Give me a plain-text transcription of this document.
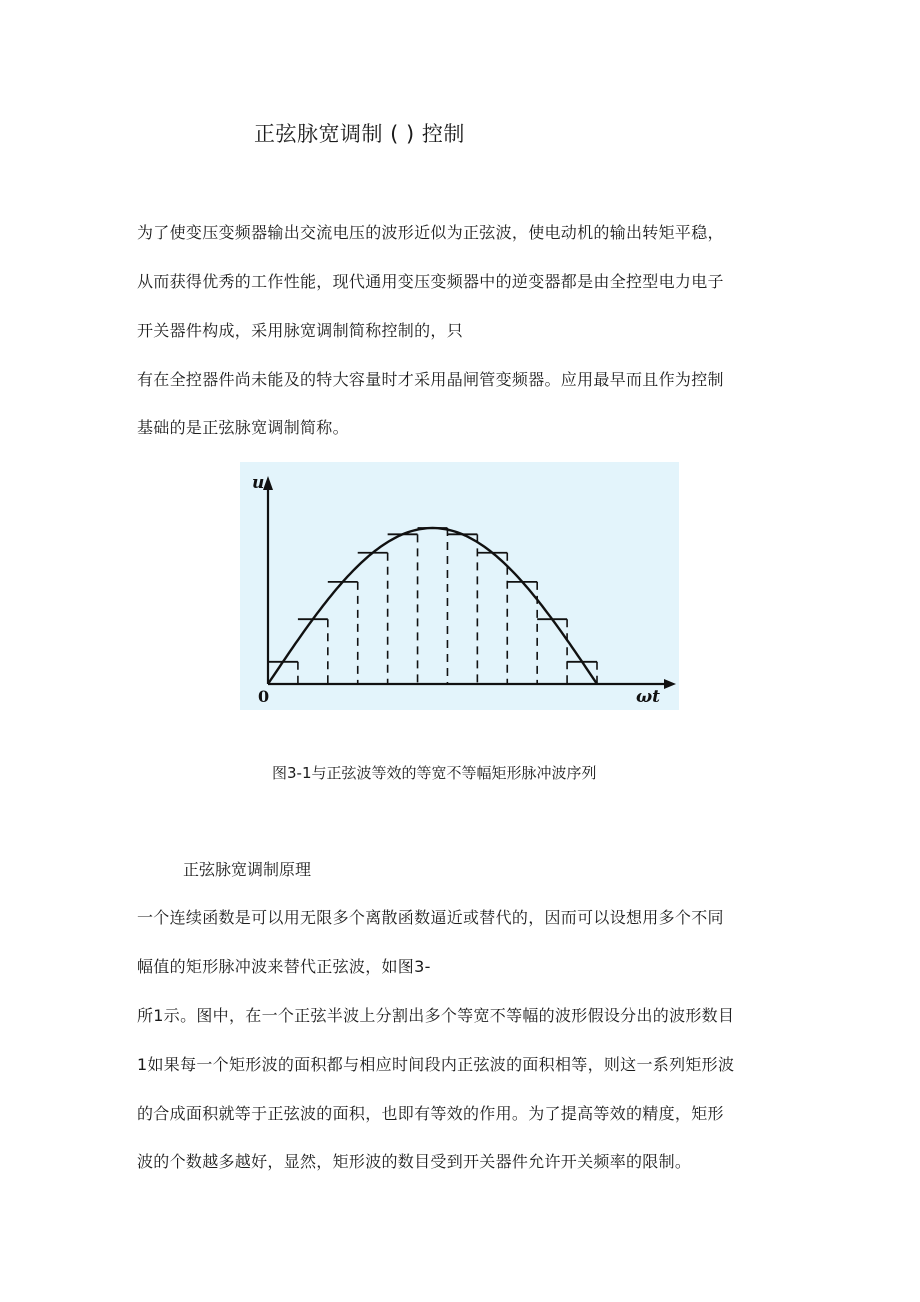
正弦脉宽调制 ( ) 控制
为了使变压变频器输出交流电压的波形近似为正弦波，使电动机的输出转矩平稳，
从而获得优秀的工作性能，现代通用变压变频器中的逆变器都是由全控型电力电子
开关器件构成，采用脉宽调制简称控制的，只
有在全控器件尚未能及的特大容量时才采用晶闸管变频器。应用最早而且作为控制
基础的是正弦脉宽调制简称。
u
ωt
0
图3-1与正弦波等效的等宽不等幅矩形脉冲波序列
正弦脉宽调制原理
一个连续函数是可以用无限多个离散函数逼近或替代的，因而可以设想用多个不同
幅值的矩形脉冲波来替代正弦波，如图3-
所1示。图中，在一个正弦半波上分割出多个等宽不等幅的波形假设分出的波形数目
1如果每一个矩形波的面积都与相应时间段内正弦波的面积相等，则这一系列矩形波
的合成面积就等于正弦波的面积，也即有等效的作用。为了提高等效的精度，矩形
波的个数越多越好，显然，矩形波的数目受到开关器件允许开关频率的限制。
